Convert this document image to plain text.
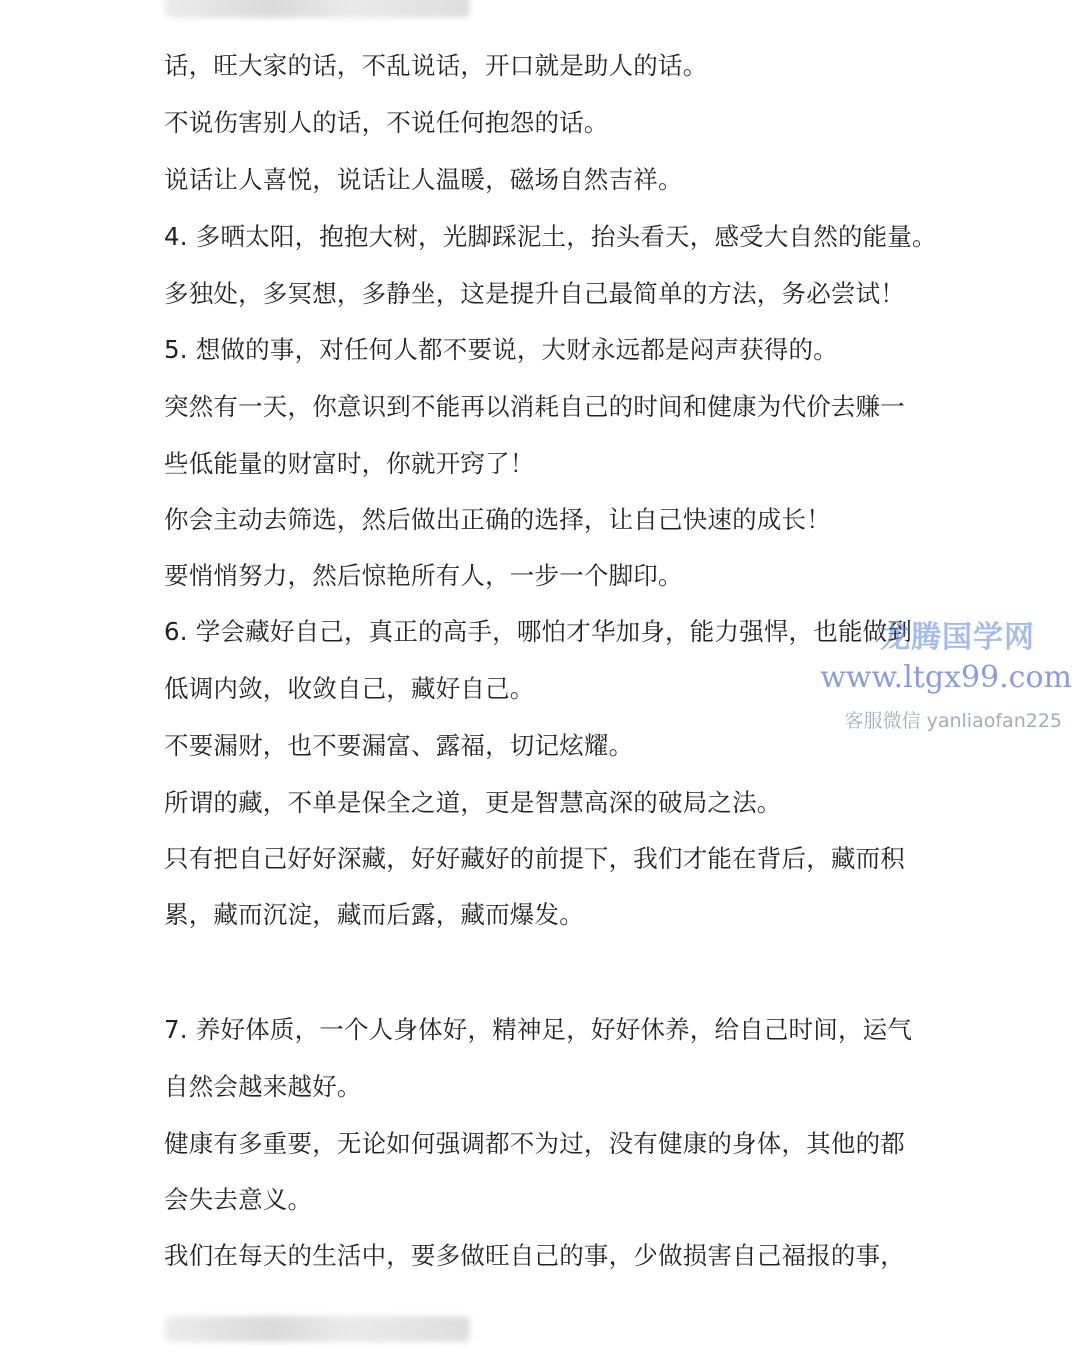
话，旺大家的话，不乱说话，开口就是助人的话。
不说伤害别人的话，不说任何抱怨的话。
说话让人喜悦，说话让人温暖，磁场自然吉祥。
4. 多晒太阳，抱抱大树，光脚踩泥土，抬头看天，感受大自然的能量。
多独处，多冥想，多静坐，这是提升自己最简单的方法，务必尝试！
5. 想做的事，对任何人都不要说，大财永远都是闷声获得的。
突然有一天，你意识到不能再以消耗自己的时间和健康为代价去赚一
些低能量的财富时，你就开窍了！
你会主动去筛选，然后做出正确的选择，让自己快速的成长！
要悄悄努力，然后惊艳所有人，一步一个脚印。
6. 学会藏好自己，真正的高手，哪怕才华加身，能力强悍，也能做到
低调内敛，收敛自己，藏好自己。
不要漏财，也不要漏富、露福，切记炫耀。
所谓的藏，不单是保全之道，更是智慧高深的破局之法。
只有把自己好好深藏，好好藏好的前提下，我们才能在背后，藏而积
累，藏而沉淀，藏而后露，藏而爆发。
7. 养好体质，一个人身体好，精神足，好好休养，给自己时间，运气
自然会越来越好。
健康有多重要，无论如何强调都不为过，没有健康的身体，其他的都
会失去意义。
我们在每天的生活中，要多做旺自己的事，少做损害自己福报的事，
龙腾国学网
www.ltgx99.com
客服微信 yanliaofan225
